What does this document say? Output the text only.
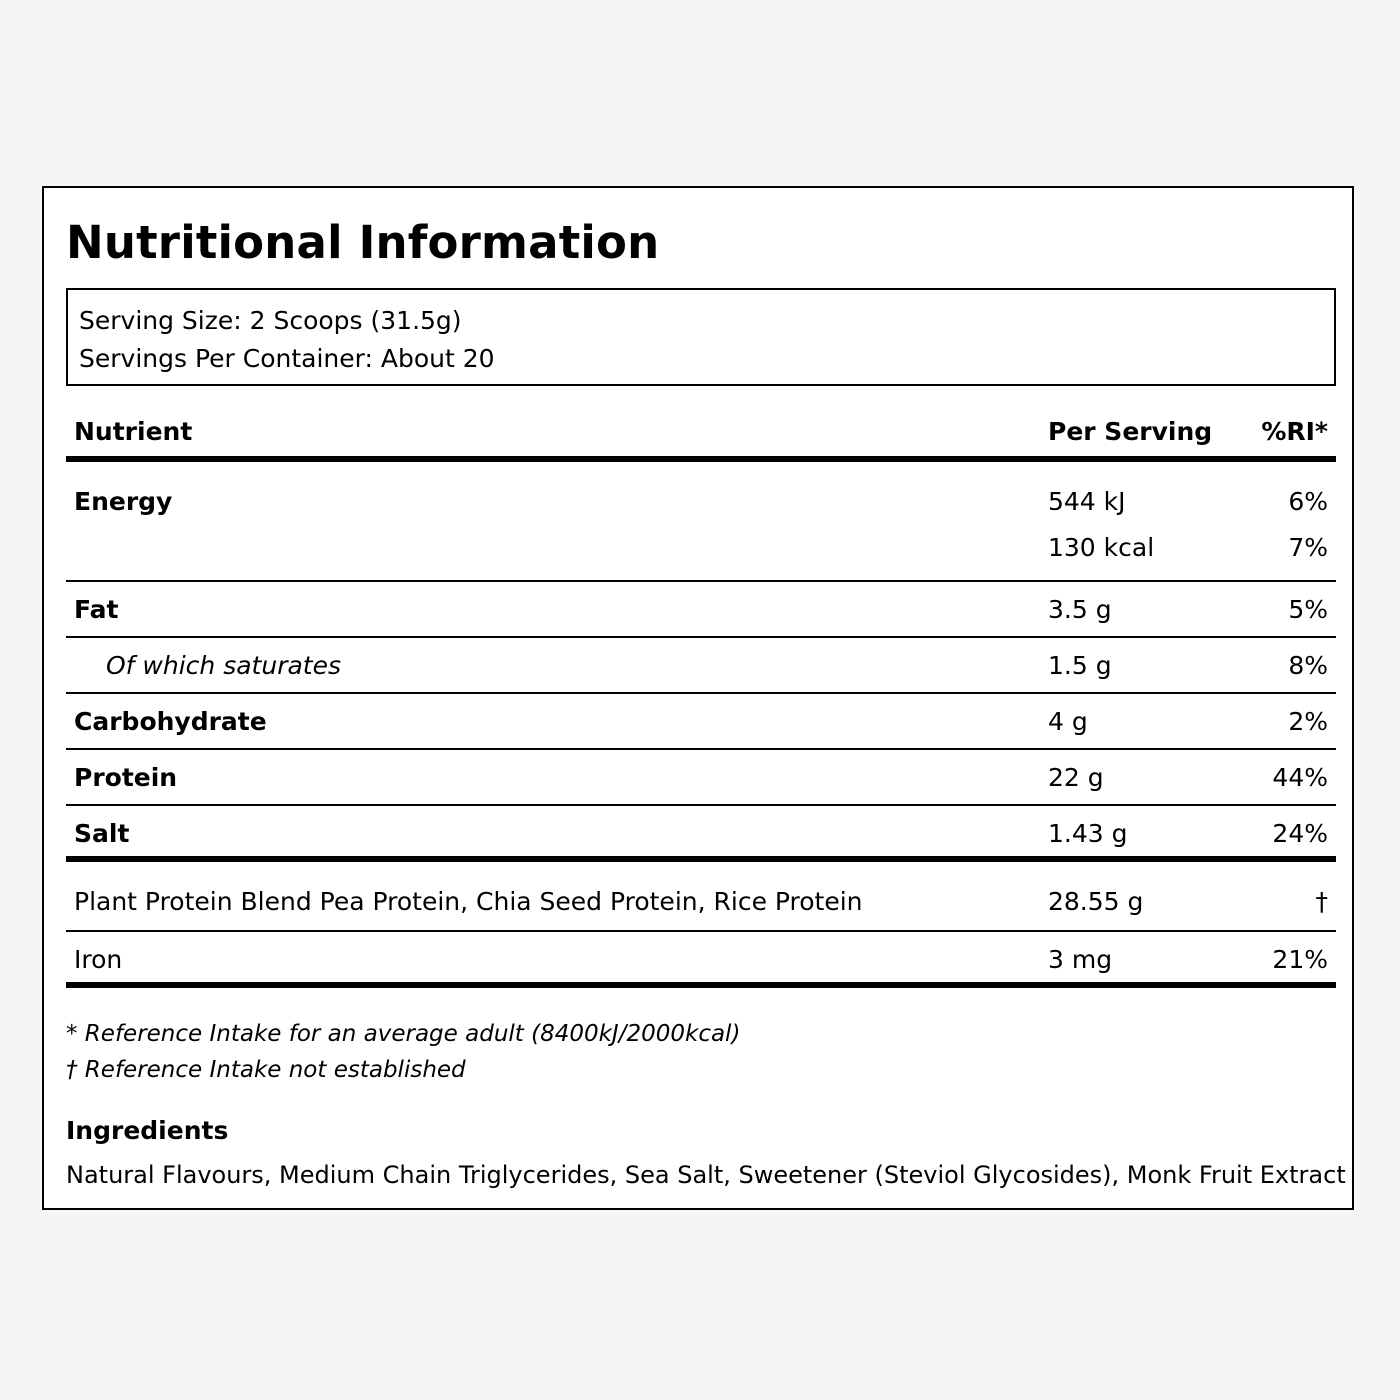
Nutritional Information
Serving Size: 2 Scoops (31.5g)
Servings Per Container: About 20
Nutrient	Per Serving %RI*
Energy	544 kJ	6%
130 kcal	7%
Fat	3.5 g	5%
Of which saturates	1.5 g	8%
Carbohydrate	4 g	2%
Protein	22 g	44%
Salt	1.43 g	24%
Plant Protein Blend Pea Protein, Chia Seed Protein, Rice Protein	28.55 g	†
Iron	3 mg	21%
* Reference Intake for an average adult (8400kJ/2000kcal)
† Reference Intake not established
Ingredients
Natural Flavours, Medium Chain Triglycerides, Sea Salt, Sweetener (Steviol Glycosides), Monk Fruit Extract
